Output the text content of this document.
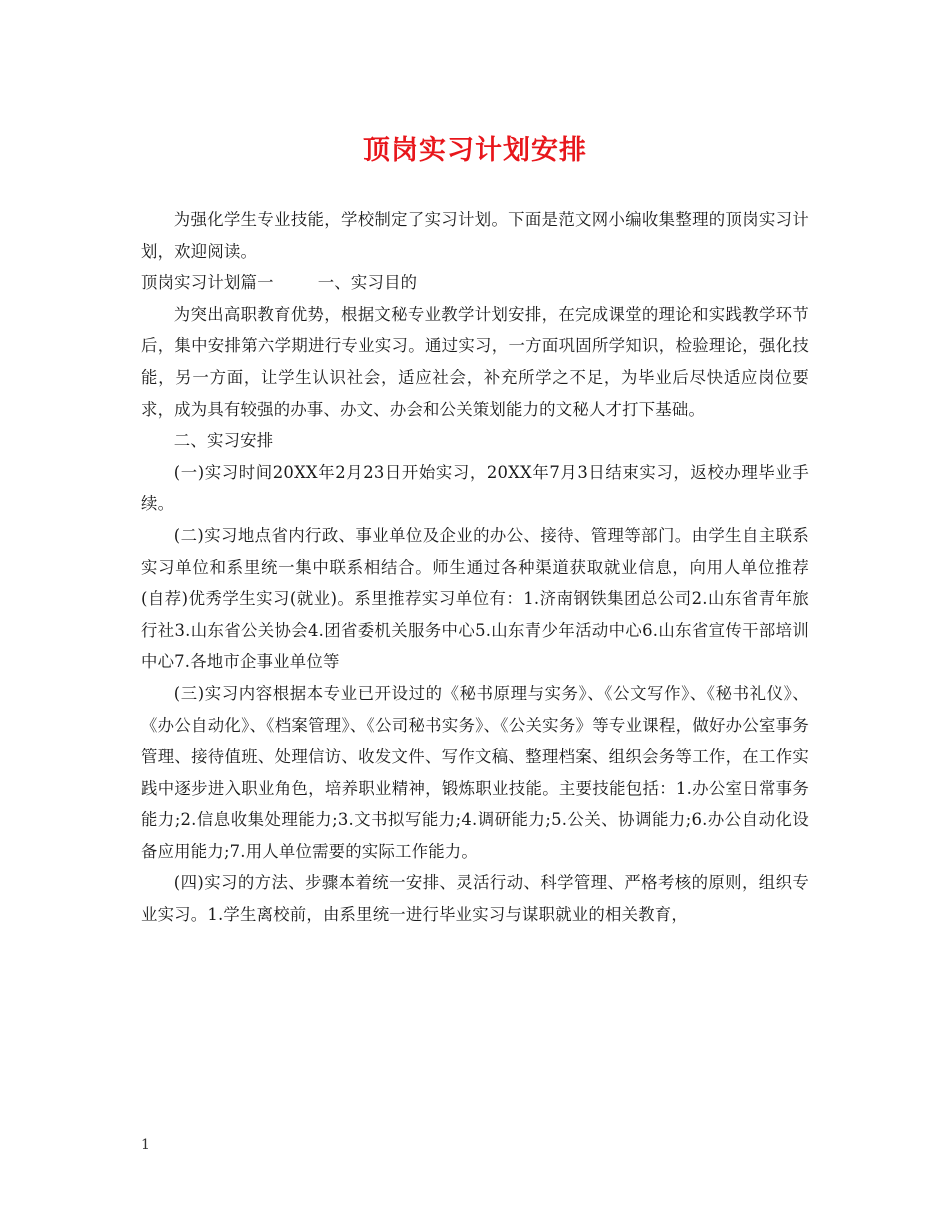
顶岗实习计划安排

为强化学生专业技能，学校制定了实习计划。下面是范文网小编收集整理的顶岗实习计划，欢迎阅读。

顶岗实习计划篇一	一、实习目的

为突出高职教育优势，根据文秘专业教学计划安排，在完成课堂的理论和实践教学环节后，集中安排第六学期进行专业实习。通过实习，一方面巩固所学知识，检验理论，强化技能，另一方面，让学生认识社会，适应社会，补充所学之不足，为毕业后尽快适应岗位要求，成为具有较强的办事、办文、办会和公关策划能力的文秘人才打下基础。

二、实习安排

(一)实习时间20XX年2月23日开始实习，20XX年7月3日结束实习，返校办理毕业手续。

(二)实习地点省内行政、事业单位及企业的办公、接待、管理等部门。由学生自主联系实习单位和系里统一集中联系相结合。师生通过各种渠道获取就业信息，向用人单位推荐(自荐)优秀学生实习(就业)。系里推荐实习单位有：1.济南钢铁集团总公司2.山东省青年旅行社3.山东省公关协会4.团省委机关服务中心5.山东青少年活动中心6.山东省宣传干部培训中心7.各地市企事业单位等

(三)实习内容根据本专业已开设过的《秘书原理与实务》、《公文写作》、《秘书礼仪》、《办公自动化》、《档案管理》、《公司秘书实务》、《公关实务》等专业课程，做好办公室事务管理、接待值班、处理信访、收发文件、写作文稿、整理档案、组织会务等工作，在工作实践中逐步进入职业角色，培养职业精神，锻炼职业技能。主要技能包括：1.办公室日常事务能力;2.信息收集处理能力;3.文书拟写能力;4.调研能力;5.公关、协调能力;6.办公自动化设备应用能力;7.用人单位需要的实际工作能力。

(四)实习的方法、步骤本着统一安排、灵活行动、科学管理、严格考核的原则，组织专业实习。1.学生离校前，由系里统一进行毕业实习与谋职就业的相关教育，

1
